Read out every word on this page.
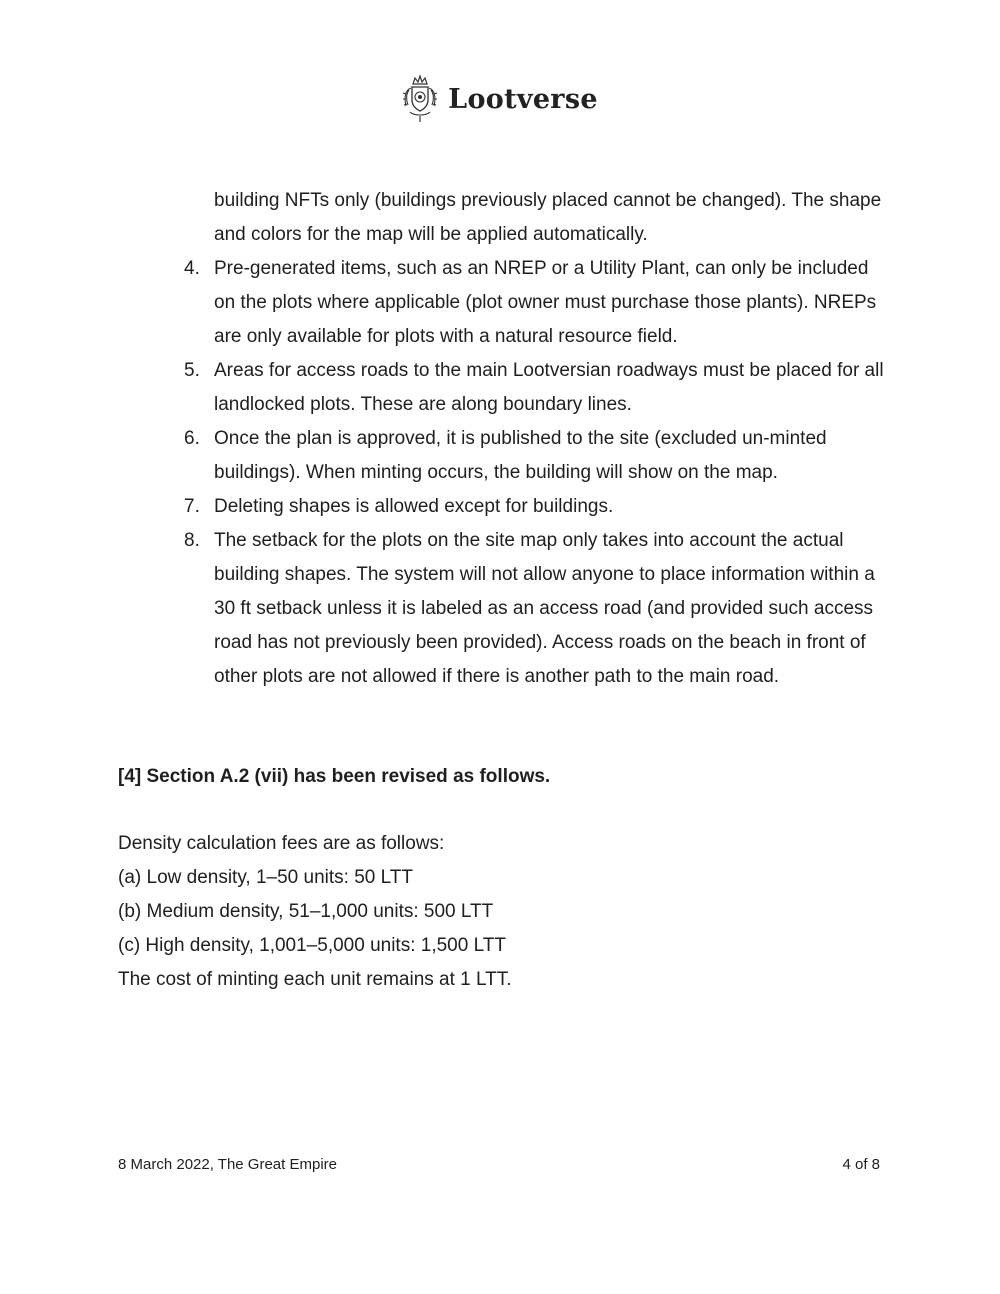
Lootverse
building NFTs only (buildings previously placed cannot be changed). The shape and colors for the map will be applied automatically.
4. Pre-generated items, such as an NREP or a Utility Plant, can only be included on the plots where applicable (plot owner must purchase those plants). NREPs are only available for plots with a natural resource field.
5. Areas for access roads to the main Lootversian roadways must be placed for all landlocked plots. These are along boundary lines.
6. Once the plan is approved, it is published to the site (excluded un-minted buildings). When minting occurs, the building will show on the map.
7. Deleting shapes is allowed except for buildings.
8. The setback for the plots on the site map only takes into account the actual building shapes. The system will not allow anyone to place information within a 30 ft setback unless it is labeled as an access road (and provided such access road has not previously been provided). Access roads on the beach in front of other plots are not allowed if there is another path to the main road.
[4] Section A.2 (vii) has been revised as follows.
Density calculation fees are as follows:
(a) Low density, 1–50 units: 50 LTT
(b) Medium density, 51–1,000 units: 500 LTT
(c) High density, 1,001–5,000 units: 1,500 LTT
The cost of minting each unit remains at 1 LTT.
8 March 2022, The Great Empire	4 of 8
